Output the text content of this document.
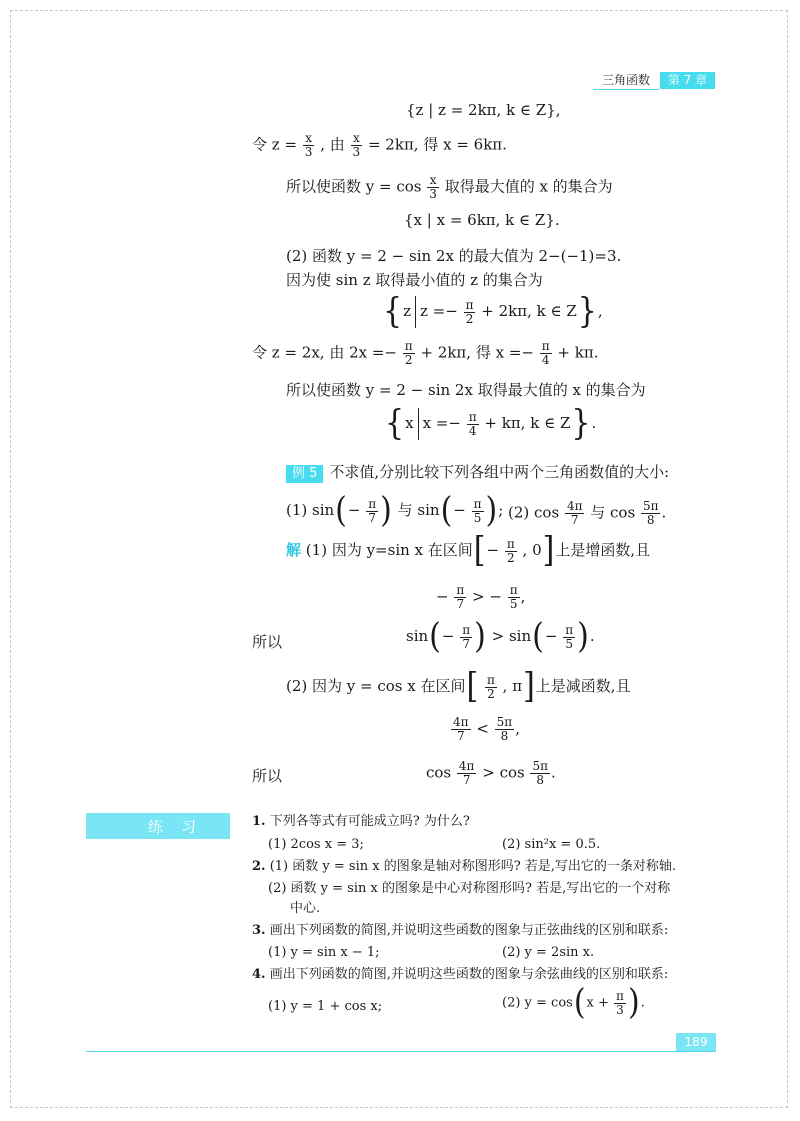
三角函数	第 7 章
{z | z = 2kπ, k ∈ Z},
令 $z = \frac{x}{3}$ , 由 $\frac{x}{3} = 2k\pi$, 得 x = 6kπ.
所以使函数 $y = \cos \frac{x}{3}$ 取得最大值的 x 的集合为
{x | x = 6kπ, k ∈ Z}.
(2) 函数 y = 2 − sin 2x 的最大值为 2−(−1)=3.
因为使 sin z 取得最小值的 z 的集合为
{z $z =- \frac{\pi}{2} + 2k\pi$, k ∈ Z},
令 z = 2x, 由 $2x =- \frac{\pi}{2} + 2k\pi$, 得 $x =- \frac{\pi}{4} + k\pi$.
所以使函数 y = 2 − sin 2x 取得最大值的 x 的集合为
{x $x =- \frac{\pi}{4} + k\pi$, k ∈ Z}.
例 5 不求值,分别比较下列各组中两个三角函数值的大小:
(1) $\sin(- \frac{\pi}{7}$ ) 与 $\sin(- \frac{\pi}{5}$ ); (2) $\cos \frac{4\pi}{7}$ 与 $\cos \frac{5\pi}{8}$ .
解 (1) 因为 y=sin x 在区间[− $\frac{\pi}{2}$ , 0]上是增函数,且
− $\frac{\pi}{7}$ > − $\frac{\pi}{5}$ ,
所以	$\sin(- \frac{\pi}{7}$ ) > $\sin(- \frac{\pi}{5}$ ).
(2) 因为 y = cos x 在区间[ $\frac{\pi}{2}$ , π]上是减函数,且
$\frac{4\pi}{7} < \frac{5\pi}{8}$ ,
所以	$\cos \frac{4\pi}{7} > \cos \frac{5\pi}{8}$ .
练习	1. 下列各等式有可能成立吗? 为什么?
(1) 2cos x = 3;	(2) sin²x = 0.5.
2. (1) 函数 y = sin x 的图象是轴对称图形吗? 若是,写出它的一条对称轴.
(2) 函数 y = sin x 的图象是中心对称图形吗? 若是,写出它的一个对称
中心.
3. 画出下列函数的简图,并说明这些函数的图象与正弦曲线的区别和联系:
(1) y = sin x − 1;	(2) y = 2sin x.
4. 画出下列函数的简图,并说明这些函数的图象与余弦曲线的区别和联系:
(1) y = 1 + cos x;	(2) $y = \cos(x + \frac{\pi}{3}$ ).
189
